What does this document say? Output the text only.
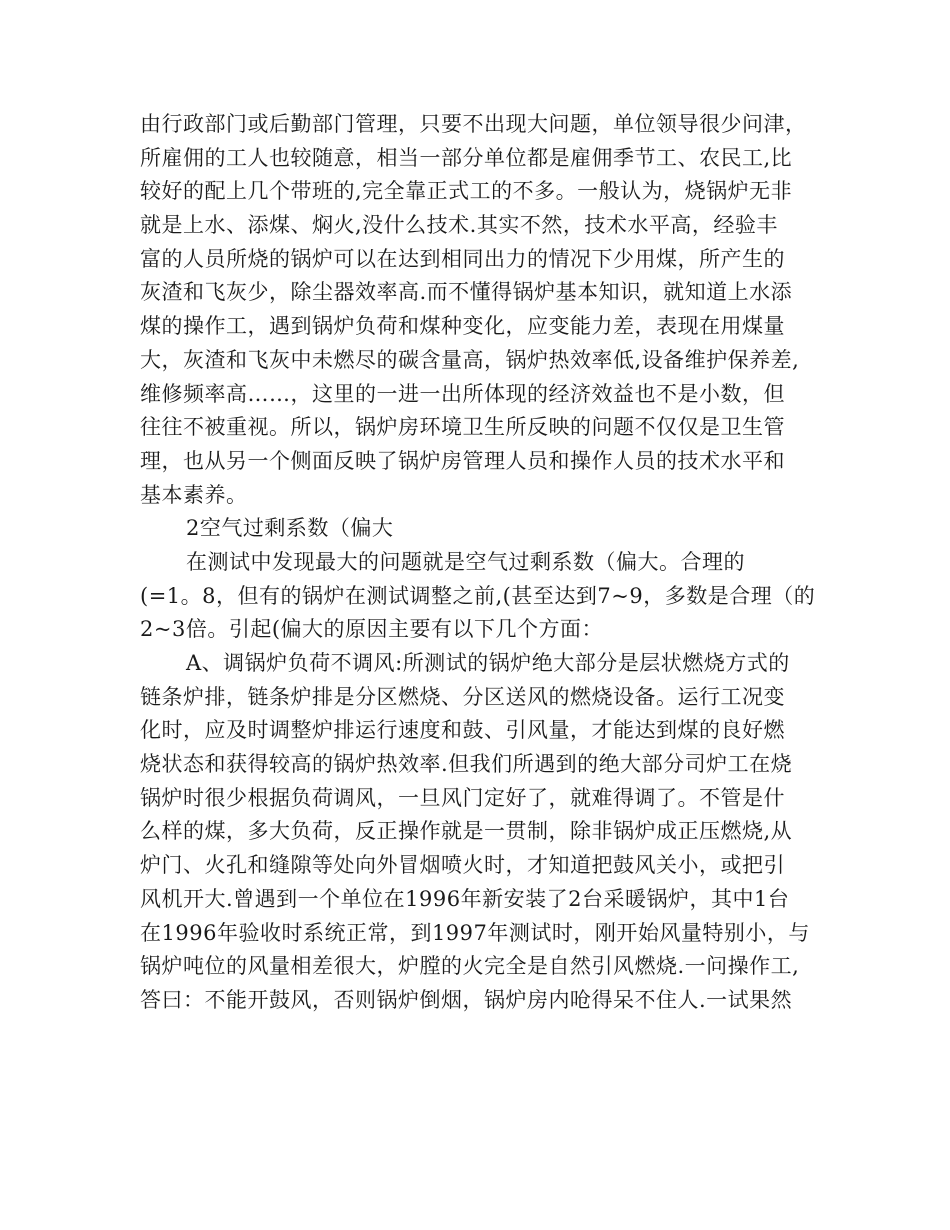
由行政部门或后勤部门管理，只要不出现大问题，单位领导很少问津，
所雇佣的工人也较随意，相当一部分单位都是雇佣季节工、农民工,比
较好的配上几个带班的,完全靠正式工的不多。一般认为，烧锅炉无非
就是上水、添煤、焖火,没什么技术.其实不然，技术水平高，经验丰
富的人员所烧的锅炉可以在达到相同出力的情况下少用煤，所产生的
灰渣和飞灰少，除尘器效率高.而不懂得锅炉基本知识，就知道上水添
煤的操作工，遇到锅炉负荷和煤种变化，应变能力差，表现在用煤量
大，灰渣和飞灰中未燃尽的碳含量高，锅炉热效率低,设备维护保养差,
维修频率高……，这里的一进一出所体现的经济效益也不是小数，但
往往不被重视。所以，锅炉房环境卫生所反映的问题不仅仅是卫生管
理，也从另一个侧面反映了锅炉房管理人员和操作人员的技术水平和
基本素养。
2空气过剩系数（偏大
在测试中发现最大的问题就是空气过剩系数（偏大。合理的
(=1。8，但有的锅炉在测试调整之前,(甚至达到7~9，多数是合理（的
2~3倍。引起(偏大的原因主要有以下几个方面：
A、调锅炉负荷不调风:所测试的锅炉绝大部分是层状燃烧方式的
链条炉排，链条炉排是分区燃烧、分区送风的燃烧设备。运行工况变
化时，应及时调整炉排运行速度和鼓、引风量，才能达到煤的良好燃
烧状态和获得较高的锅炉热效率.但我们所遇到的绝大部分司炉工在烧
锅炉时很少根据负荷调风，一旦风门定好了，就难得调了。不管是什
么样的煤，多大负荷，反正操作就是一贯制，除非锅炉成正压燃烧,从
炉门、火孔和缝隙等处向外冒烟喷火时，才知道把鼓风关小，或把引
风机开大.曾遇到一个单位在1996年新安装了2台采暖锅炉，其中1台
在1996年验收时系统正常，到1997年测试时，刚开始风量特别小，与
锅炉吨位的风量相差很大，炉膛的火完全是自然引风燃烧.一问操作工,
答曰：不能开鼓风，否则锅炉倒烟，锅炉房内呛得呆不住人.一试果然
